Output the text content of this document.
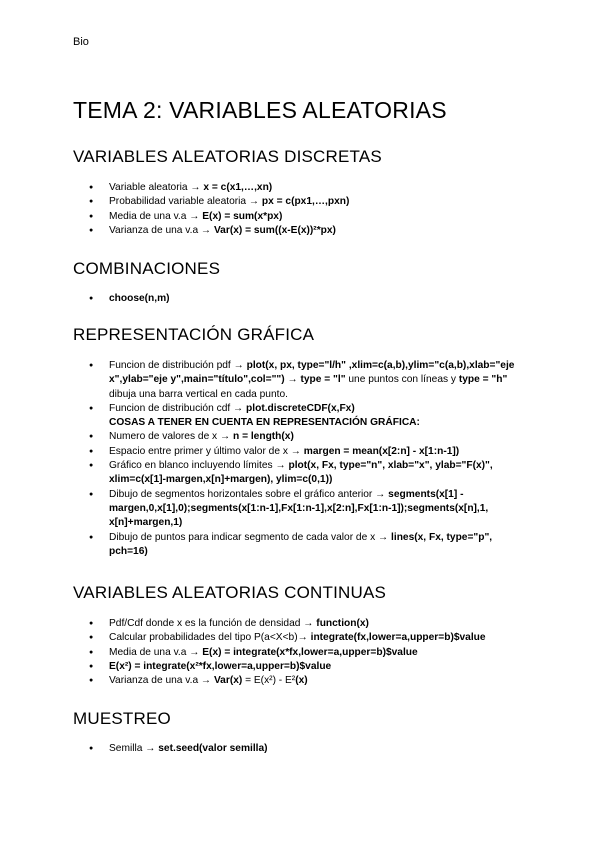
Bio
TEMA 2: VARIABLES ALEATORIAS
VARIABLES ALEATORIAS DISCRETAS
● Variable aleatoria → x = c(x1,…,xn)
● Probabilidad variable aleatoria → px = c(px1,…,pxn)
● Media de una v.a → E(x) = sum(x*px)
● Varianza de una v.a → Var(x) = sum((x-E(x))²*px)
COMBINACIONES
● choose(n,m)
REPRESENTACIÓN GRÁFICA
● Funcion de distribución pdf → plot(x, px, type="l/h" ,xlim=c(a,b),ylim="c(a,b),xlab="eje x",ylab="eje y",main="título",col="") → type = "l" une puntos con líneas y type = "h" dibuja una barra vertical en cada punto.
● Funcion de distribución cdf → plot.discreteCDF(x,Fx)
COSAS A TENER EN CUENTA EN REPRESENTACIÓN GRÁFICA:
● Numero de valores de x → n = length(x)
● Espacio entre primer y último valor de x → margen = mean(x[2:n] - x[1:n-1])
● Gráfico en blanco incluyendo límites → plot(x, Fx, type="n", xlab="x", ylab="F(x)", xlim=c(x[1]-margen,x[n]+margen), ylim=c(0,1))
● Dibujo de segmentos horizontales sobre el gráfico anterior → segments(x[1] -margen,0,x[1],0);segments(x[1:n-1],Fx[1:n-1],x[2:n],Fx[1:n-1]);segments(x[n],1, x[n]+margen,1)
● Dibujo de puntos para indicar segmento de cada valor de x → lines(x, Fx, type="p", pch=16)
VARIABLES ALEATORIAS CONTINUAS
● Pdf/Cdf donde x es la función de densidad → function(x)
● Calcular probabilidades del tipo P(a<X<b)→ integrate(fx,lower=a,upper=b)$value
● Media de una v.a → E(x) = integrate(x*fx,lower=a,upper=b)$value
● E(x²) = integrate(x²*fx,lower=a,upper=b)$value
● Varianza de una v.a → Var(x) = E(x²) - E²(x)
MUESTREO
● Semilla → set.seed(valor semilla)
